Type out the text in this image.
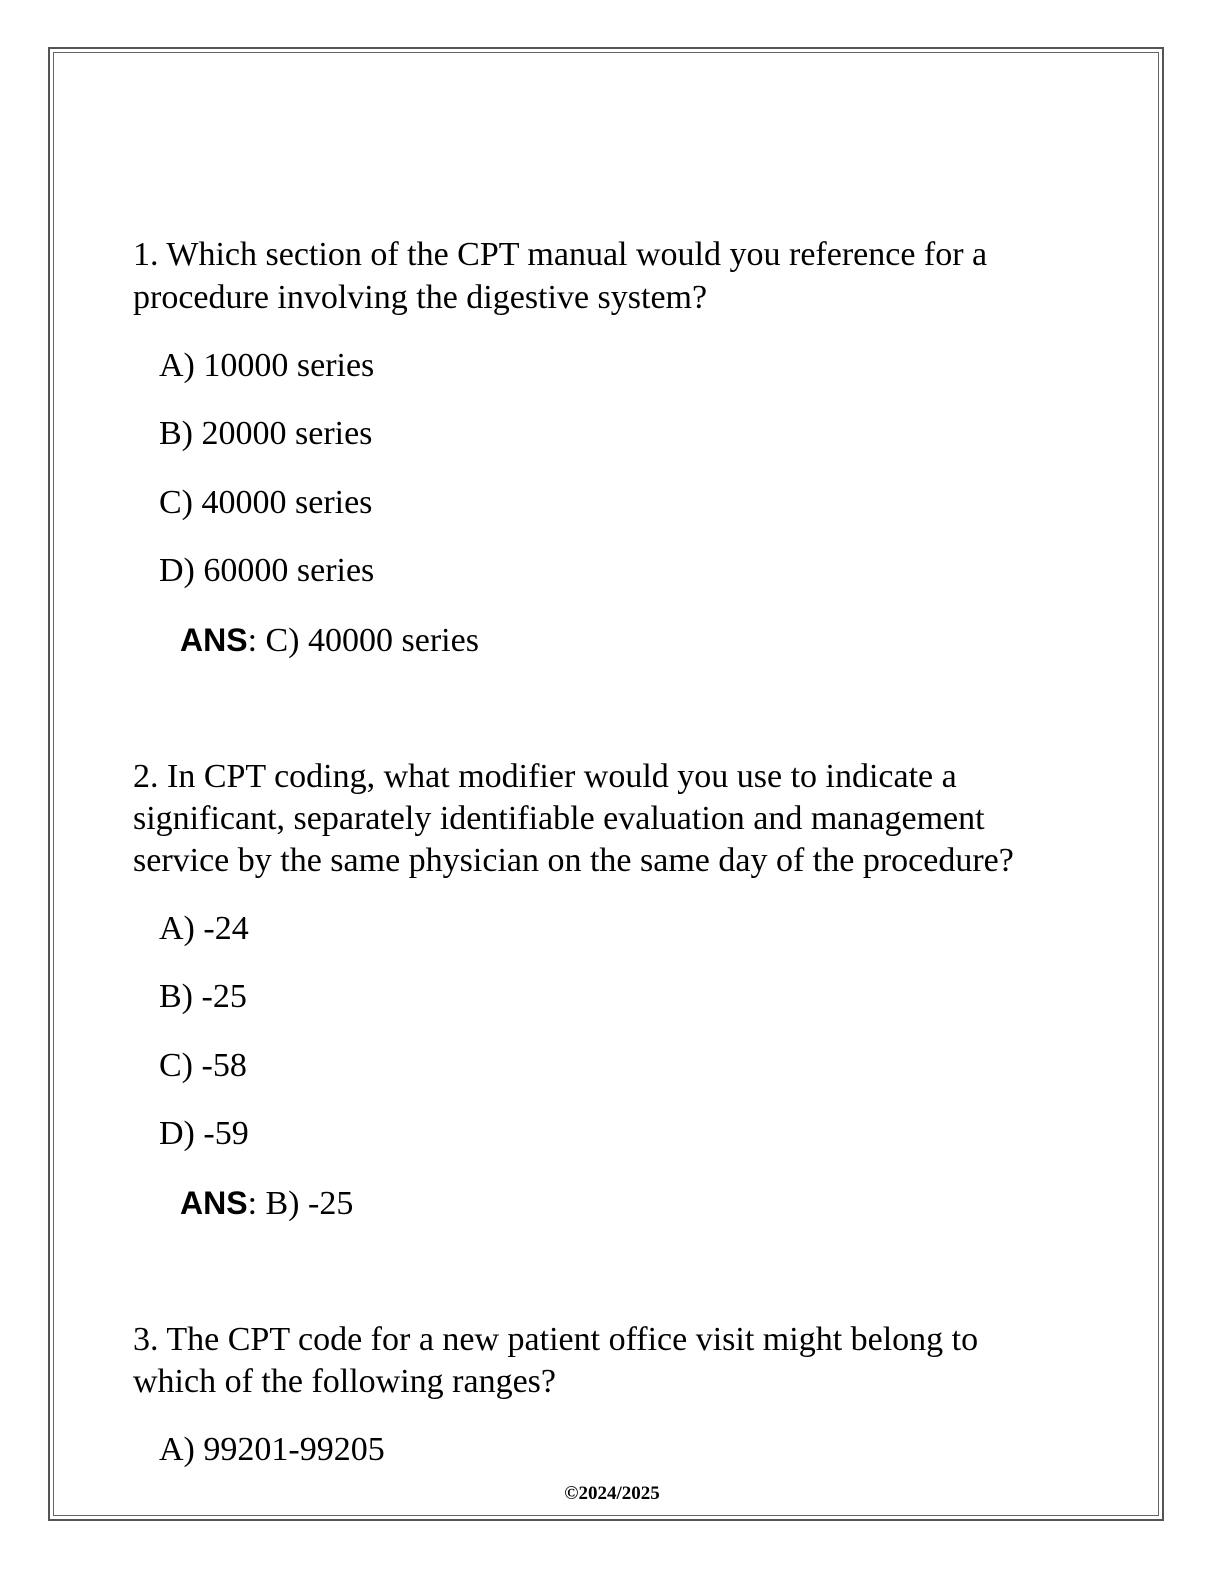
1. Which section of the CPT manual would you reference for a
procedure involving the digestive system?
A) 10000 series
B) 20000 series
C) 40000 series
D) 60000 series
ANS: C) 40000 series
2. In CPT coding, what modifier would you use to indicate a
significant, separately identifiable evaluation and management
service by the same physician on the same day of the procedure?
A) -24
B) -25
C) -58
D) -59
ANS: B) -25
3. The CPT code for a new patient office visit might belong to
which of the following ranges?
A) 99201-99205
©2024/2025
